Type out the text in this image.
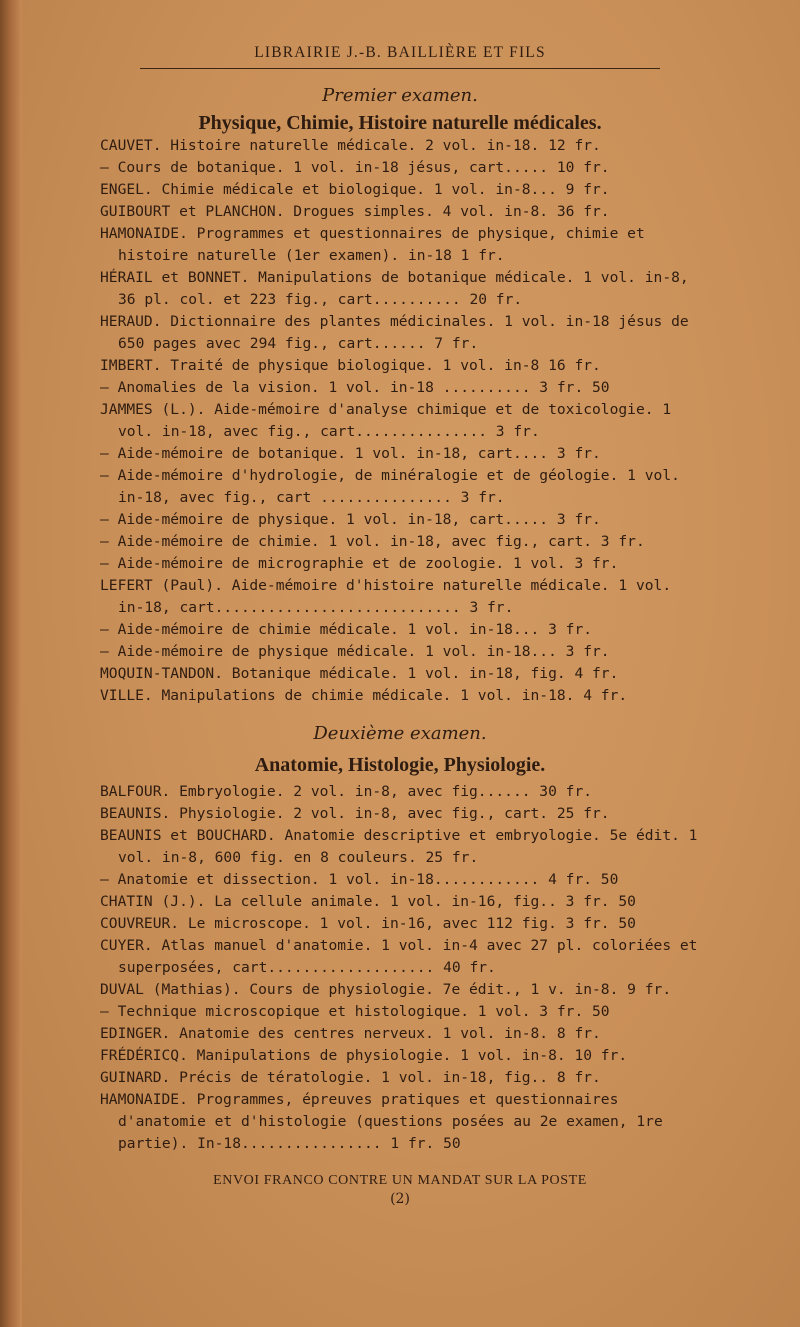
LIBRAIRIE J.-B. BAILLIÈRE ET FILS
Premier examen.
Physique, Chimie, Histoire naturelle médicales.
CAUVET. Histoire naturelle médicale. 2 vol. in-18. 12 fr.
— Cours de botanique. 1 vol. in-18 jésus, cart..... 10 fr.
ENGEL. Chimie médicale et biologique. 1 vol. in-8... 9 fr.
GUIBOURT et PLANCHON. Drogues simples. 4 vol. in-8. 36 fr.
HAMONAIDE. Programmes et questionnaires de physique, chimie et histoire naturelle (1er examen). in-18 1 fr.
HÉRAIL et BONNET. Manipulations de botanique médicale. 1 vol. in-8, 36 pl. col. et 223 fig., cart.......... 20 fr.
HERAUD. Dictionnaire des plantes médicinales. 1 vol. in-18 jésus de 650 pages avec 294 fig., cart...... 7 fr.
IMBERT. Traité de physique biologique. 1 vol. in-8 16 fr.
— Anomalies de la vision. 1 vol. in-18 .......... 3 fr. 50
JAMMES (L.). Aide-mémoire d'analyse chimique et de toxicologie. 1 vol. in-18, avec fig., cart............... 3 fr.
— Aide-mémoire de botanique. 1 vol. in-18, cart.... 3 fr.
— Aide-mémoire d'hydrologie, de minéralogie et de géologie. 1 vol. in-18, avec fig., cart ............... 3 fr.
— Aide-mémoire de physique. 1 vol. in-18, cart..... 3 fr.
— Aide-mémoire de chimie. 1 vol. in-18, avec fig., cart. 3 fr.
— Aide-mémoire de micrographie et de zoologie. 1 vol. 3 fr.
LEFERT (Paul). Aide-mémoire d'histoire naturelle médicale. 1 vol. in-18, cart............................ 3 fr.
— Aide-mémoire de chimie médicale. 1 vol. in-18... 3 fr.
— Aide-mémoire de physique médicale. 1 vol. in-18... 3 fr.
MOQUIN-TANDON. Botanique médicale. 1 vol. in-18, fig. 4 fr.
VILLE. Manipulations de chimie médicale. 1 vol. in-18. 4 fr.
Deuxième examen.
Anatomie, Histologie, Physiologie.
BALFOUR. Embryologie. 2 vol. in-8, avec fig...... 30 fr.
BEAUNIS. Physiologie. 2 vol. in-8, avec fig., cart. 25 fr.
BEAUNIS et BOUCHARD. Anatomie descriptive et embryologie. 5e édit. 1 vol. in-8, 600 fig. en 8 couleurs. 25 fr.
— Anatomie et dissection. 1 vol. in-18............ 4 fr. 50
CHATIN (J.). La cellule animale. 1 vol. in-16, fig.. 3 fr. 50
COUVREUR. Le microscope. 1 vol. in-16, avec 112 fig. 3 fr. 50
CUYER. Atlas manuel d'anatomie. 1 vol. in-4 avec 27 pl. coloriées et superposées, cart................... 40 fr.
DUVAL (Mathias). Cours de physiologie. 7e édit., 1 v. in-8. 9 fr.
— Technique microscopique et histologique. 1 vol. 3 fr. 50
EDINGER. Anatomie des centres nerveux. 1 vol. in-8. 8 fr.
FRÉDÉRICQ. Manipulations de physiologie. 1 vol. in-8. 10 fr.
GUINARD. Précis de tératologie. 1 vol. in-18, fig.. 8 fr.
HAMONAIDE. Programmes, épreuves pratiques et questionnaires d'anatomie et d'histologie (questions posées au 2e examen, 1re partie). In-18................ 1 fr. 50
ENVOI FRANCO CONTRE UN MANDAT SUR LA POSTE
(2)
